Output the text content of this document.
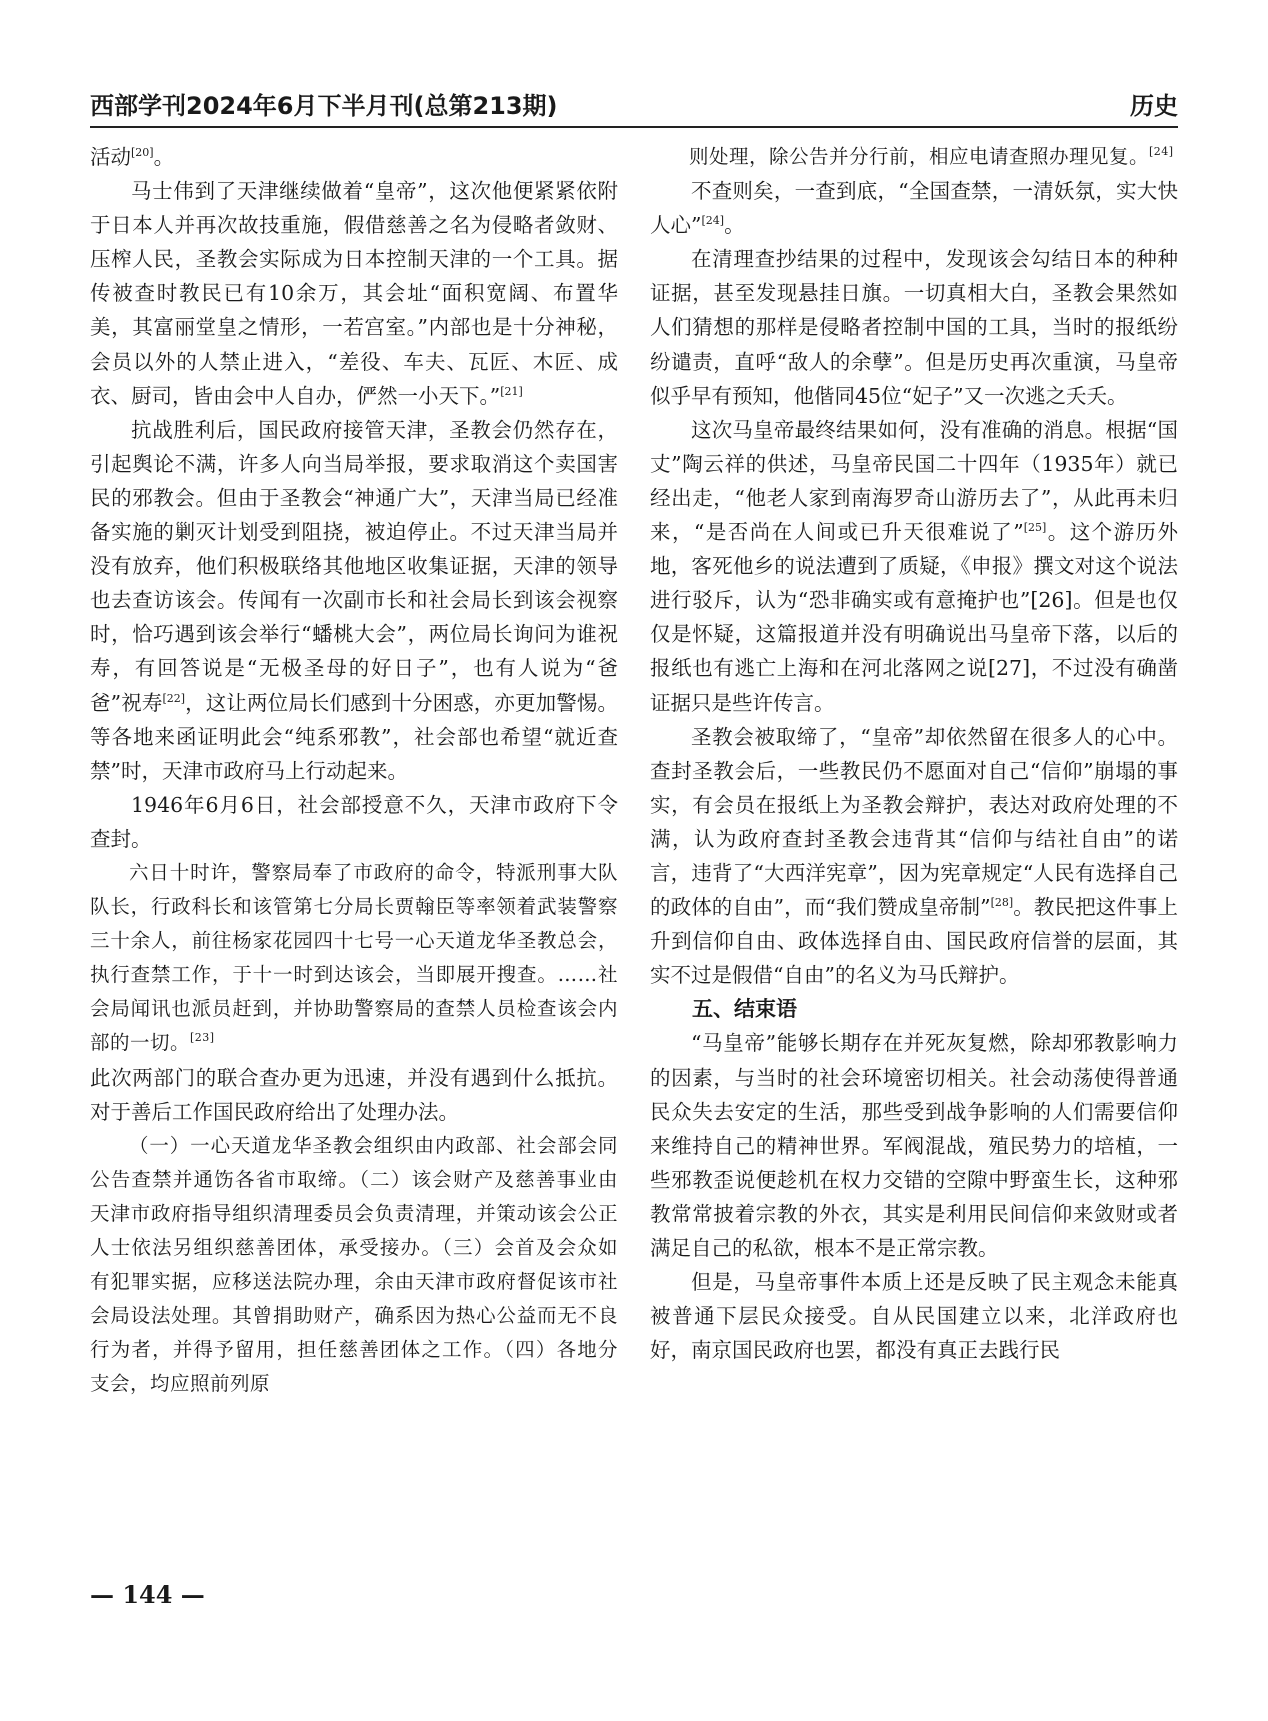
西部学刊2024年6月下半月刊(总第213期)	历史

活动[20]。

马士伟到了天津继续做着“皇帝”，这次他便紧紧依附于日本人并再次故技重施，假借慈善之名为侵略者敛财、压榨人民，圣教会实际成为日本控制天津的一个工具。据传被查时教民已有10余万，其会址“面积宽阔、布置华美，其富丽堂皇之情形，一若宫室。”内部也是十分神秘，会员以外的人禁止进入，“差役、车夫、瓦匠、木匠、成衣、厨司，皆由会中人自办，俨然一小天下。”[21]

抗战胜利后，国民政府接管天津，圣教会仍然存在，引起舆论不满，许多人向当局举报，要求取消这个卖国害民的邪教会。但由于圣教会“神通广大”，天津当局已经准备实施的剿灭计划受到阻挠，被迫停止。不过天津当局并没有放弃，他们积极联络其他地区收集证据，天津的领导也去查访该会。传闻有一次副市长和社会局长到该会视察时，恰巧遇到该会举行“蟠桃大会”，两位局长询问为谁祝寿，有回答说是“无极圣母的好日子”，也有人说为“爸爸”祝寿[22]，这让两位局长们感到十分困惑，亦更加警惕。等各地来函证明此会“纯系邪教”，社会部也希望“就近查禁”时，天津市政府马上行动起来。

1946年6月6日，社会部授意不久，天津市政府下令查封。

六日十时许，警察局奉了市政府的命令，特派刑事大队队长，行政科长和该管第七分局长贾翰臣等率领着武装警察三十余人，前往杨家花园四十七号一心天道龙华圣教总会，执行查禁工作，于十一时到达该会，当即展开搜查。……社会局闻讯也派员赶到，并协助警察局的查禁人员检查该会内部的一切。[23]

此次两部门的联合查办更为迅速，并没有遇到什么抵抗。对于善后工作国民政府给出了处理办法。

（一）一心天道龙华圣教会组织由内政部、社会部会同公告查禁并通饬各省市取缔。（二）该会财产及慈善事业由天津市政府指导组织清理委员会负责清理，并策动该会公正人士依法另组织慈善团体，承受接办。（三）会首及会众如有犯罪实据，应移送法院办理，余由天津市政府督促该市社会局设法处理。其曾捐助财产，确系因为热心公益而无不良行为者，并得予留用，担任慈善团体之工作。（四）各地分支会，均应照前列原

则处理，除公告并分行前，相应电请查照办理见复。[24]

不查则矣，一查到底，“全国查禁，一清妖氛，实大快人心”[24]。

在清理查抄结果的过程中，发现该会勾结日本的种种证据，甚至发现悬挂日旗。一切真相大白，圣教会果然如人们猜想的那样是侵略者控制中国的工具，当时的报纸纷纷谴责，直呼“敌人的余孽”。但是历史再次重演，马皇帝似乎早有预知，他偕同45位“妃子”又一次逃之夭夭。

这次马皇帝最终结果如何，没有准确的消息。根据“国丈”陶云祥的供述，马皇帝民国二十四年（1935年）就已经出走，“他老人家到南海罗奇山游历去了”，从此再未归来，“是否尚在人间或已升天很难说了”[25]。这个游历外地，客死他乡的说法遭到了质疑，《申报》撰文对这个说法进行驳斥，认为“恐非确实或有意掩护也”[26]。但是也仅仅是怀疑，这篇报道并没有明确说出马皇帝下落，以后的报纸也有逃亡上海和在河北落网之说[27]，不过没有确凿证据只是些许传言。

圣教会被取缔了，“皇帝”却依然留在很多人的心中。查封圣教会后，一些教民仍不愿面对自己“信仰”崩塌的事实，有会员在报纸上为圣教会辩护，表达对政府处理的不满，认为政府查封圣教会违背其“信仰与结社自由”的诺言，违背了“大西洋宪章”，因为宪章规定“人民有选择自己的政体的自由”，而“我们赞成皇帝制”[28]。教民把这件事上升到信仰自由、政体选择自由、国民政府信誉的层面，其实不过是假借“自由”的名义为马氏辩护。

五、结束语

“马皇帝”能够长期存在并死灰复燃，除却邪教影响力的因素，与当时的社会环境密切相关。社会动荡使得普通民众失去安定的生活，那些受到战争影响的人们需要信仰来维持自己的精神世界。军阀混战，殖民势力的培植，一些邪教歪说便趁机在权力交错的空隙中野蛮生长，这种邪教常常披着宗教的外衣，其实是利用民间信仰来敛财或者满足自己的私欲，根本不是正常宗教。

但是，马皇帝事件本质上还是反映了民主观念未能真被普通下层民众接受。自从民国建立以来，北洋政府也好，南京国民政府也罢，都没有真正去践行民

— 144 —
